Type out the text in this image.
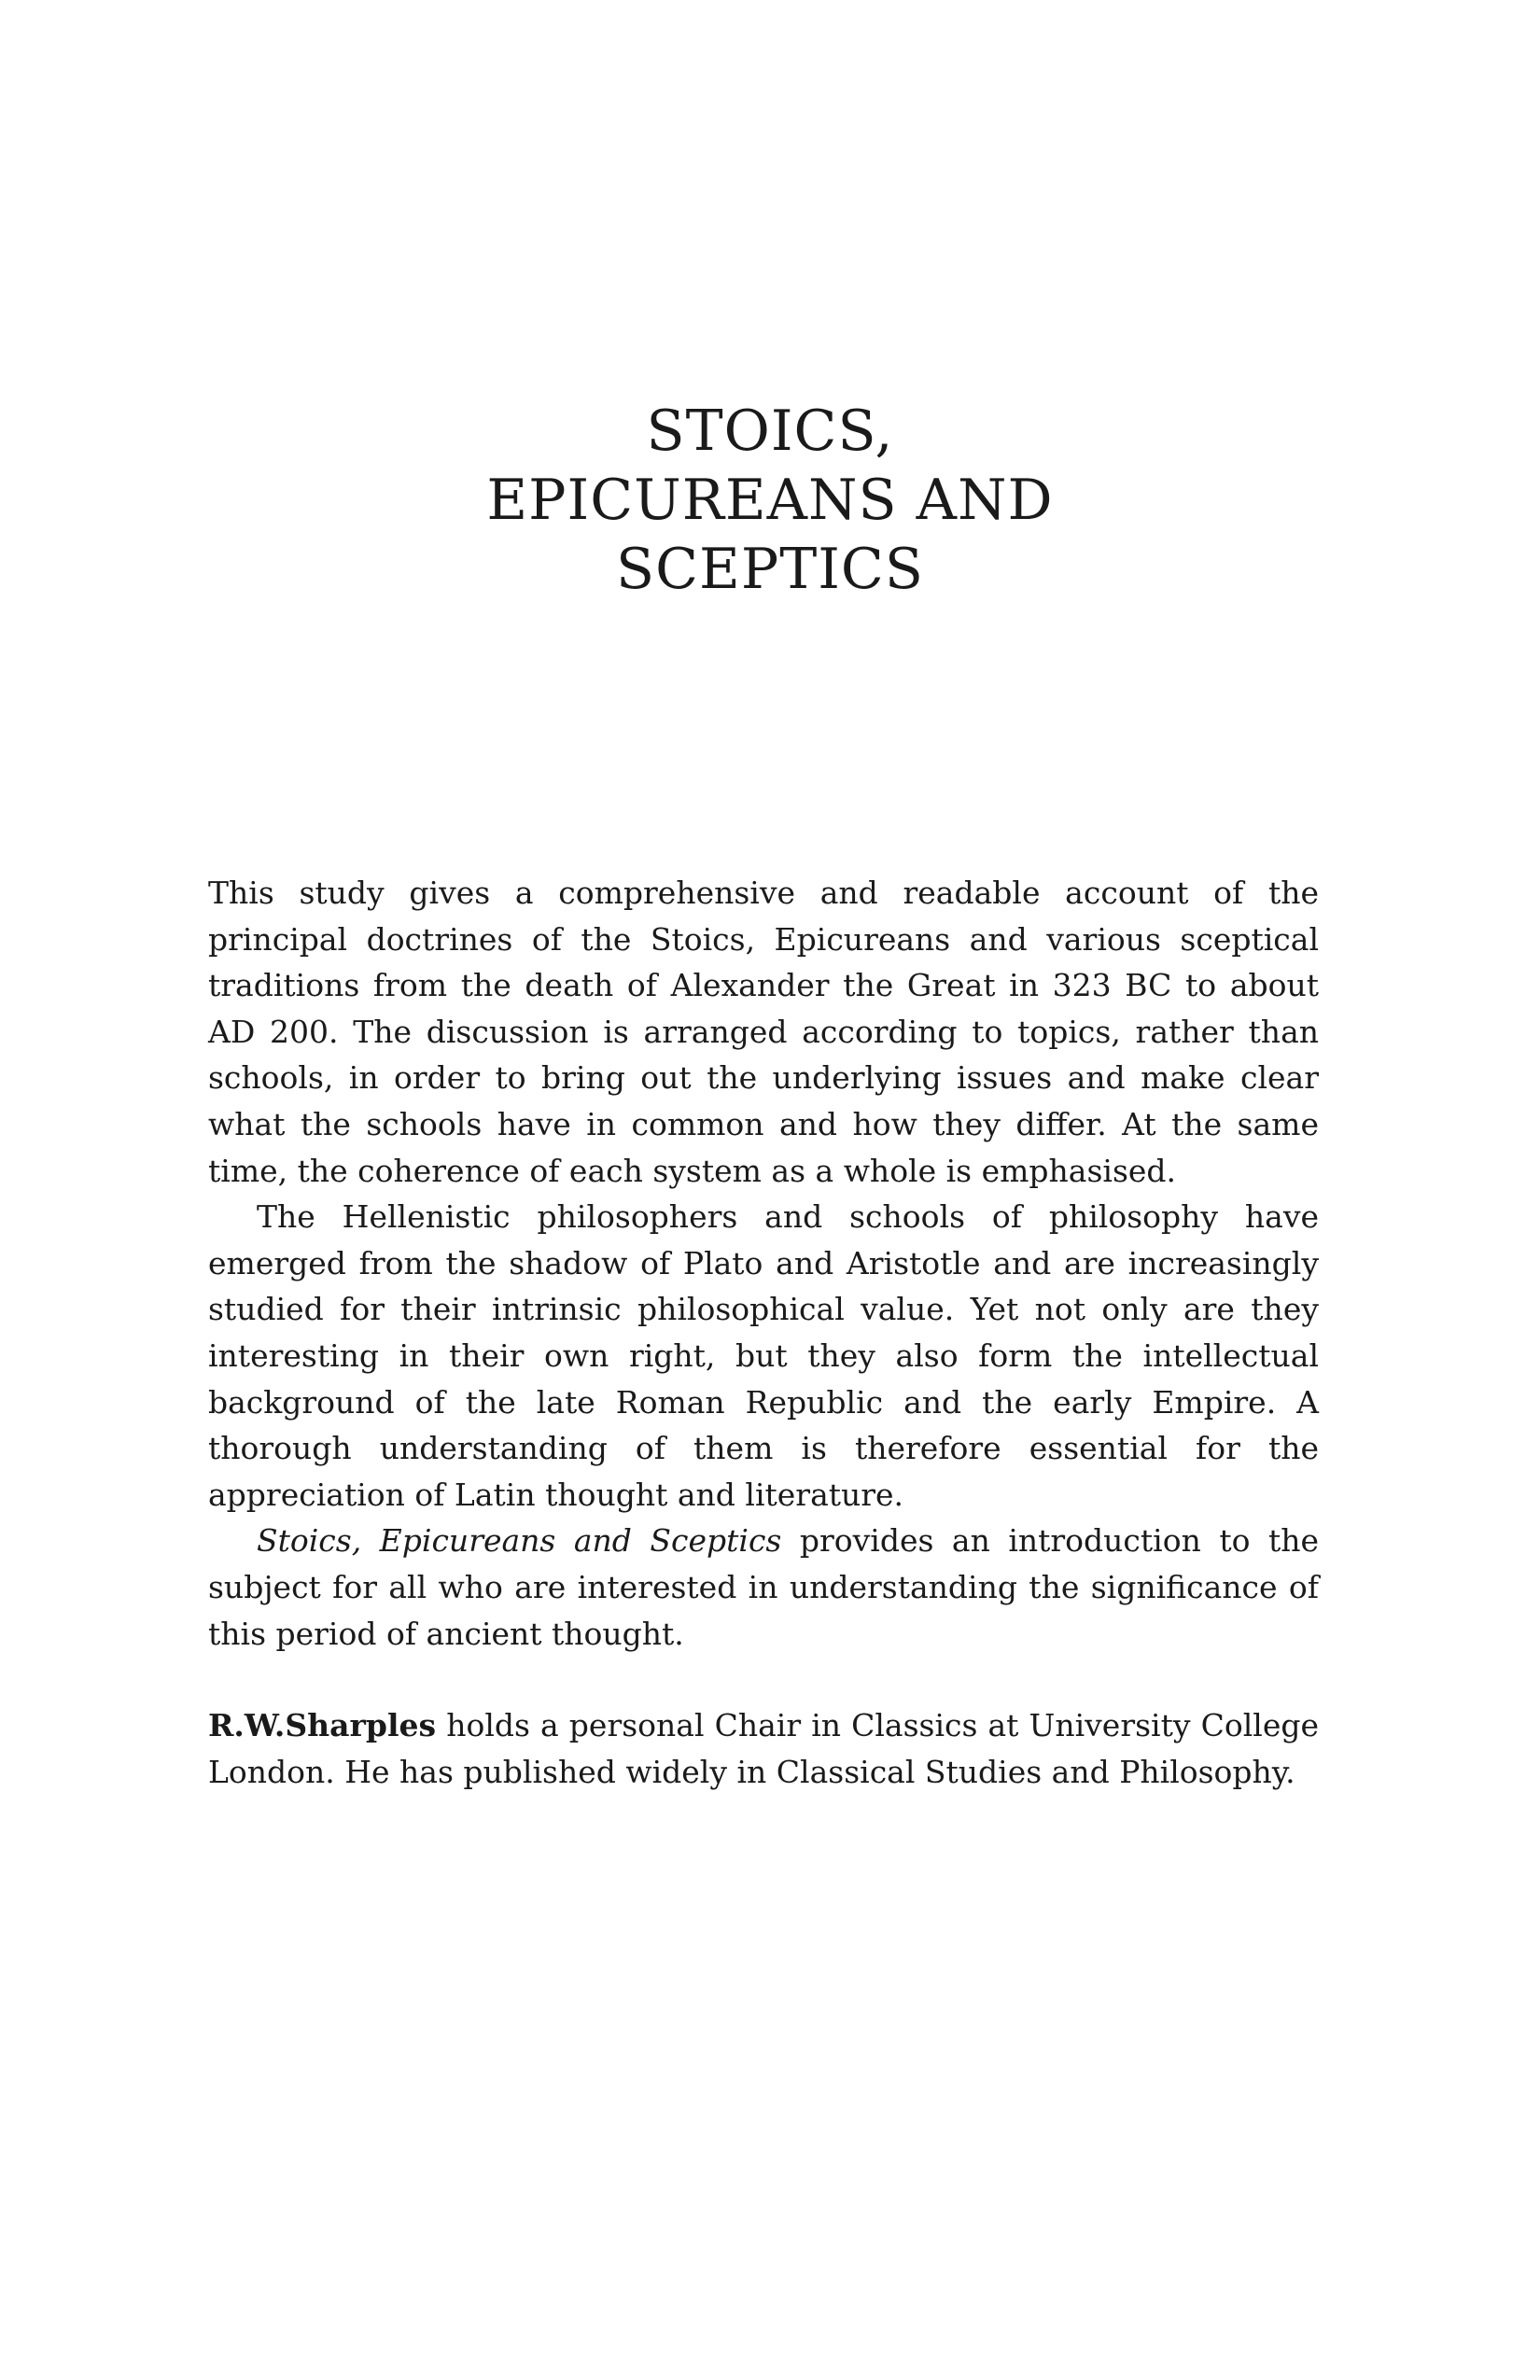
STOICS,
EPICUREANS AND
SCEPTICS

This study gives a comprehensive and readable account of the principal doctrines of the Stoics, Epicureans and various sceptical traditions from the death of Alexander the Great in 323 BC to about AD 200. The discussion is arranged according to topics, rather than schools, in order to bring out the underlying issues and make clear what the schools have in common and how they differ. At the same time, the coherence of each system as a whole is emphasised.

The Hellenistic philosophers and schools of philosophy have emerged from the shadow of Plato and Aristotle and are increasingly studied for their intrinsic philosophical value. Yet not only are they interesting in their own right, but they also form the intellectual background of the late Roman Republic and the early Empire. A thorough understanding of them is therefore essential for the appreciation of Latin thought and literature.

Stoics, Epicureans and Sceptics provides an introduction to the subject for all who are interested in understanding the significance of this period of ancient thought.

R.W.Sharples holds a personal Chair in Classics at University College London. He has published widely in Classical Studies and Philosophy.
